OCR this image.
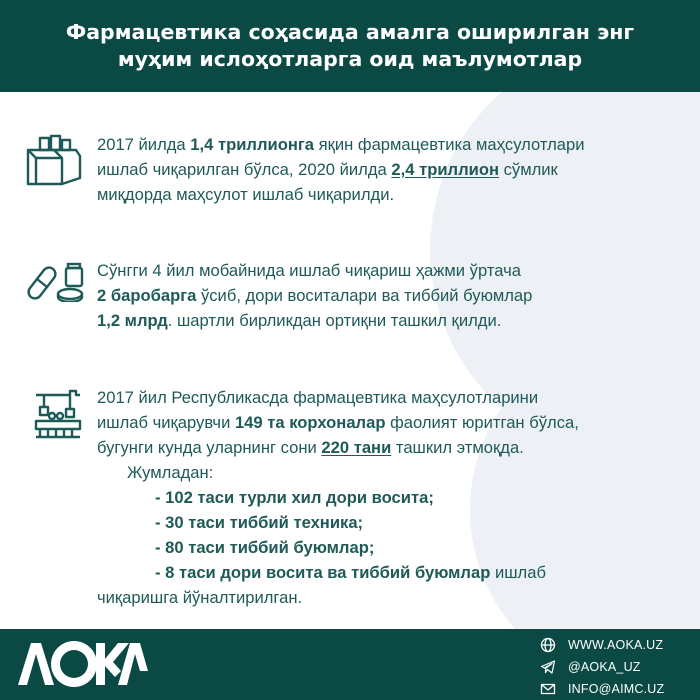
Фармацевтика соҳасида амалга оширилган энг
муҳим ислоҳотларга оид маълумотлар
2017 йилда 1,4 триллионга яқин фармацевтика маҳсулотлари
ишлаб чиқарилган бўлса, 2020 йилда 2,4 триллион сўмлик
миқдорда маҳсулот ишлаб чиқарилди.
Сўнгги 4 йил мобайнида ишлаб чиқариш ҳажми ўртача
2 баробарга ўсиб, дори воситалари ва тиббий буюмлар
1,2 млрд. шартли бирликдан ортиқни ташкил қилди.
2017 йил Республикасда фармацевтика маҳсулотларини
ишлаб чиқарувчи 149 та корхоналар фаолият юритган бўлса,
бугунги кунда уларнинг сони 220 тани ташкил этмоқда.
Жумладан:
- 102 таси турли хил дори восита;
- 30 таси тиббий техника;
- 80 таси тиббий буюмлар;
- 8 таси дори восита ва тиббий буюмлар ишлаб
чиқаришга йўналтирилган.
WWW.AOKA.UZ
@AOKA_UZ
INFO@AIMC.UZ
